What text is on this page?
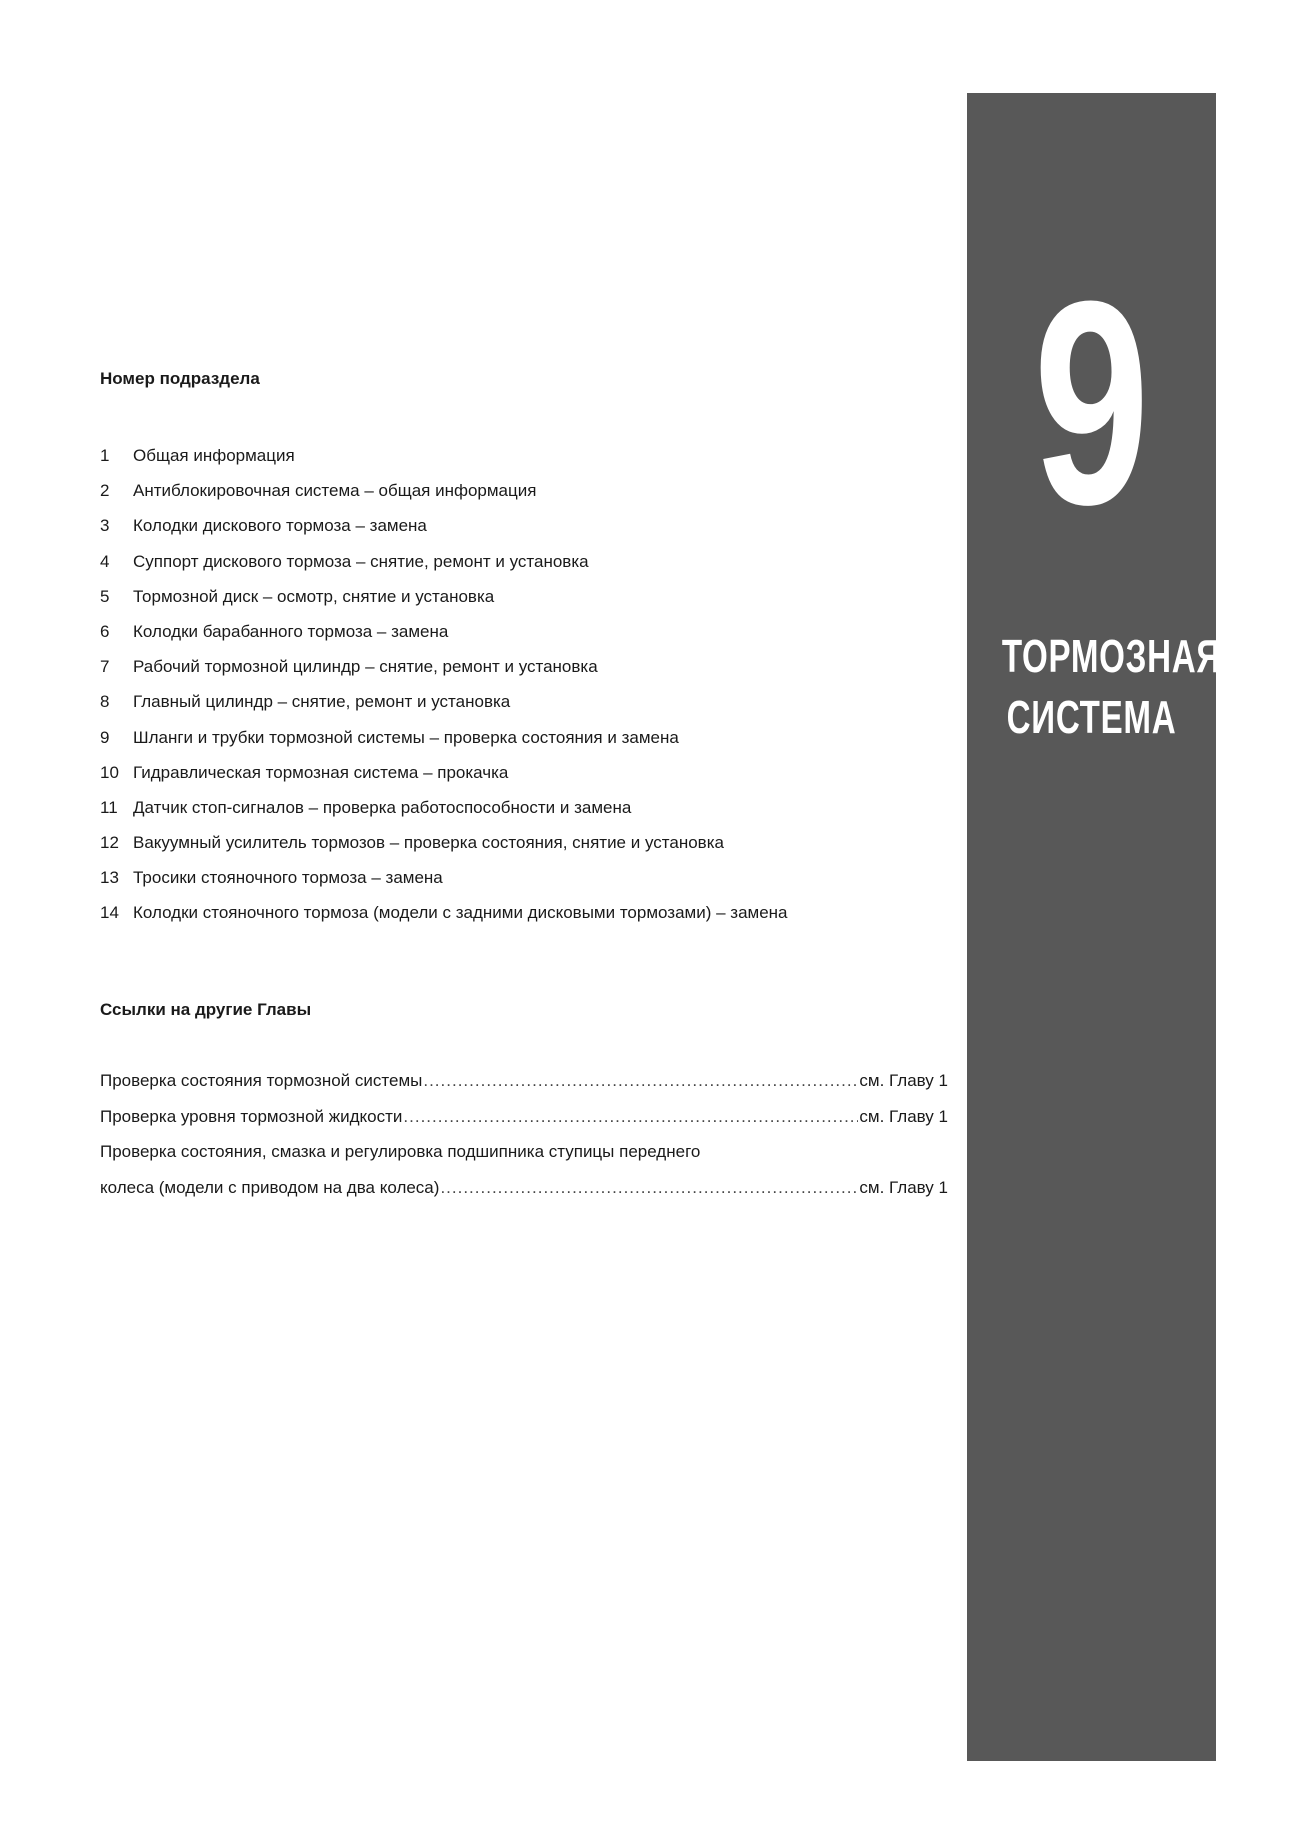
9
ТОРМОЗНАЯ
СИСТЕМА
Номер подраздела
1	Общая информация
2	Антиблокировочная система – общая информация
3	Колодки дискового тормоза – замена
4	Суппорт дискового тормоза – снятие, ремонт и установка
5	Тормозной диск – осмотр, снятие и установка
6	Колодки барабанного тормоза – замена
7	Рабочий тормозной цилиндр – снятие, ремонт и установка
8	Главный цилиндр – снятие, ремонт и установка
9	Шланги и трубки тормозной системы – проверка состояния и замена
10 Гидравлическая тормозная система – прокачка
11 Датчик стоп-сигналов – проверка работоспособности и замена
12 Вакуумный усилитель тормозов – проверка состояния, снятие и установка
13 Тросики стояночного тормоза – замена
14 Колодки стояночного тормоза (модели с задними дисковыми тормозами) – замена
Ссылки на другие Главы
Проверка состояния тормозной системы .....	см. Главу 1
Проверка уровня тормозной жидкости .....	см. Главу 1
Проверка состояния, смазка и регулировка подшипника ступицы переднего
колеса (модели с приводом на два колеса) .....	см. Главу 1
